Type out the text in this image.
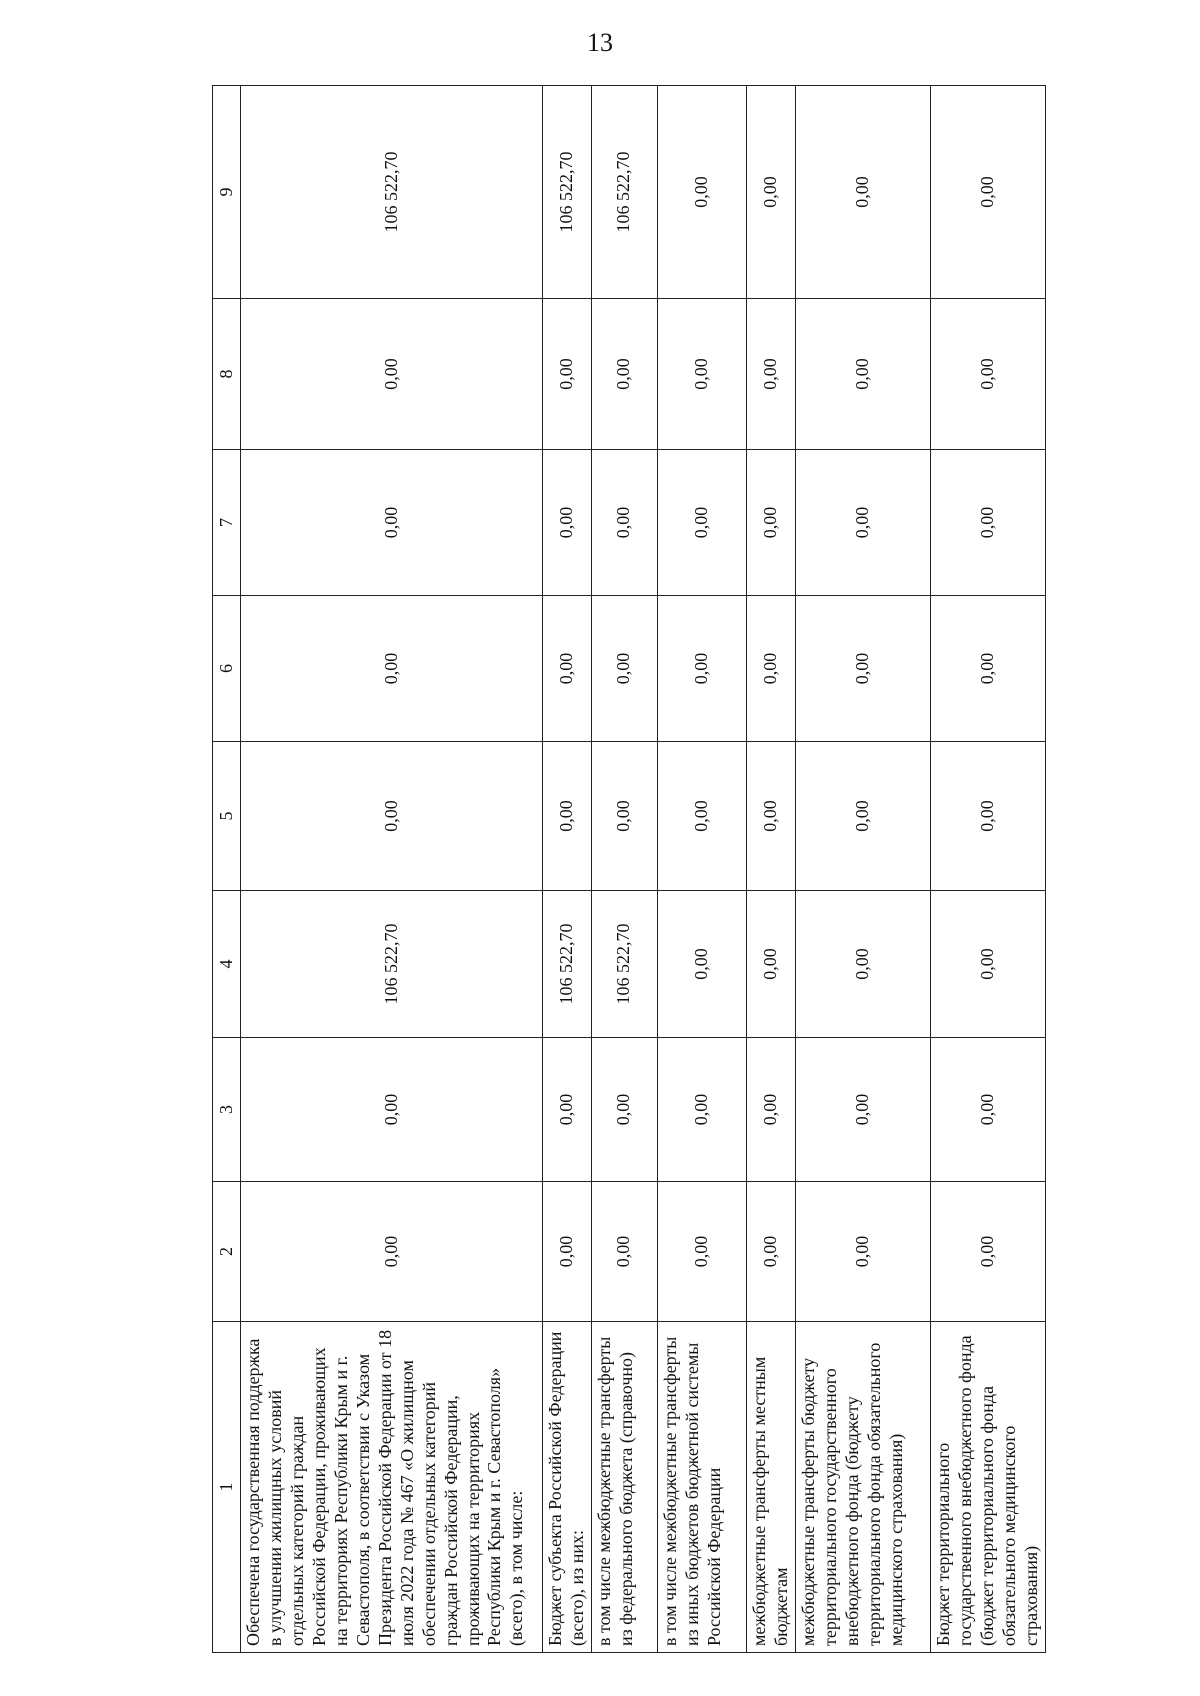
13
1	2	3	4	5	6	7	8	9
Обеспечена государственная поддержка в улучшении жилищных условий отдельных категорий граждан Российской Федерации, проживающих на территориях Республики Крым и г. Севастополя, в соответствии с Указом Президента Российской Федерации от 18 июля 2022 года № 467 «О жилищном обеспечении отдельных категорий граждан Российской Федерации, проживающих на территориях Республики Крым и г. Севастополя» (всего), в том числе:	0,00	0,00	106 522,70	0,00	0,00	0,00	0,00	106 522,70
Бюджет субъекта Российской Федерации (всего), из них:	0,00	0,00	106 522,70	0,00	0,00	0,00	0,00	106 522,70
в том числе межбюджетные трансферты из федерального бюджета (справочно)	0,00	0,00	106 522,70	0,00	0,00	0,00	0,00	106 522,70
в том числе межбюджетные трансферты из иных бюджетов бюджетной системы Российской Федерации	0,00	0,00	0,00	0,00	0,00	0,00	0,00	0,00
межбюджетные трансферты местным бюджетам	0,00	0,00	0,00	0,00	0,00	0,00	0,00	0,00
межбюджетные трансферты бюджету территориального государственного внебюджетного фонда (бюджету территориального фонда обязательного медицинского страхования)	0,00	0,00	0,00	0,00	0,00	0,00	0,00	0,00
Бюджет территориального государственного внебюджетного фонда (бюджет территориального фонда обязательного медицинского страхования)	0,00	0,00	0,00	0,00	0,00	0,00	0,00	0,00
